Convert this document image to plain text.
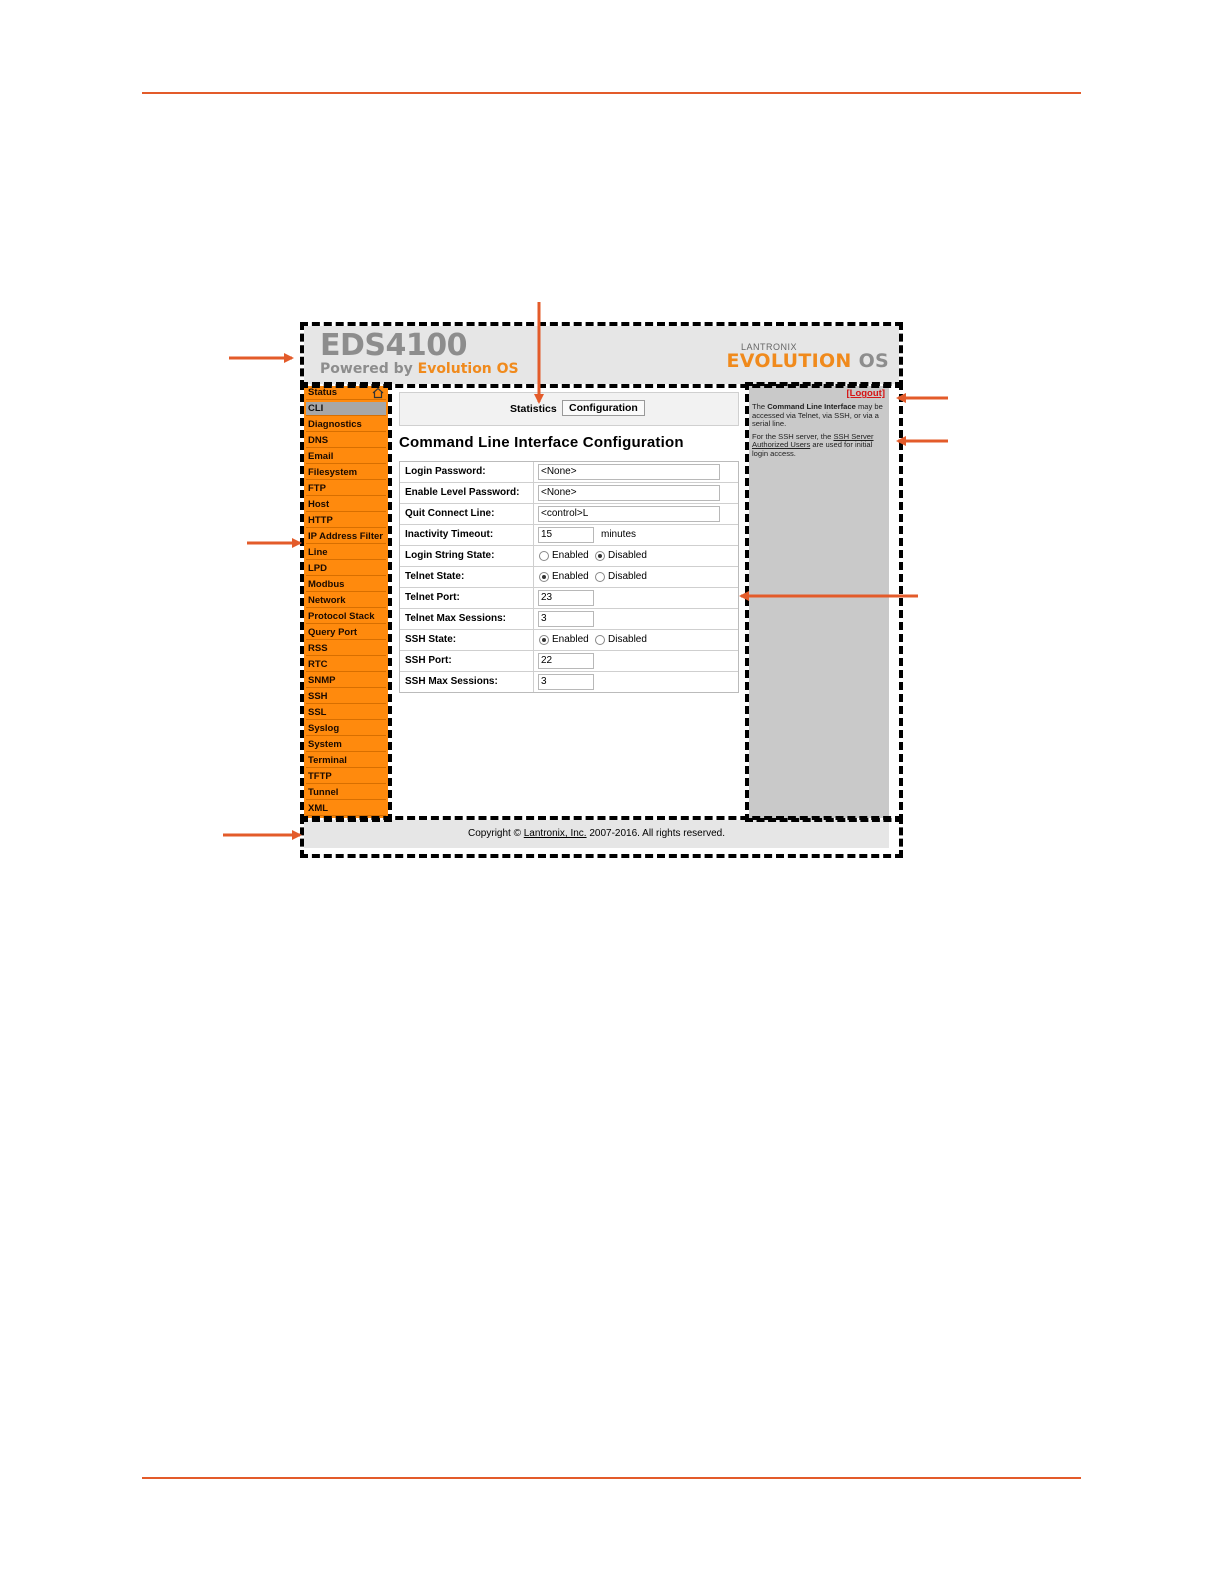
EDS4100
Powered by Evolution OS
LANTRONIX
EVOLUTION OS
Status
CLI
Diagnostics
DNS
Email
Filesystem
FTP
Host
HTTP
IP Address Filter
Line
LPD
Modbus
Network
Protocol Stack
Query Port
RSS
RTC
SNMP
SSH
SSL
Syslog
System
Terminal
TFTP
Tunnel
XML
Statistics	Configuration
Command Line Interface Configuration
Login Password:	<None>
Enable Level Password:	<None>
Quit Connect Line:	<control>L
Inactivity Timeout:	15	minutes
Login String State:	Enabled Disabled
Telnet State:	Enabled Disabled
Telnet Port:	23
Telnet Max Sessions:	3
SSH State:	Enabled Disabled
SSH Port:	22
SSH Max Sessions:	3
[Logout]

The Command Line Interface may be accessed via Telnet, via SSH, or via a serial line.

For the SSH server, the SSH Server Authorized Users are used for initial login access.

Copyright © Lantronix, Inc. 2007-2016. All rights reserved.
